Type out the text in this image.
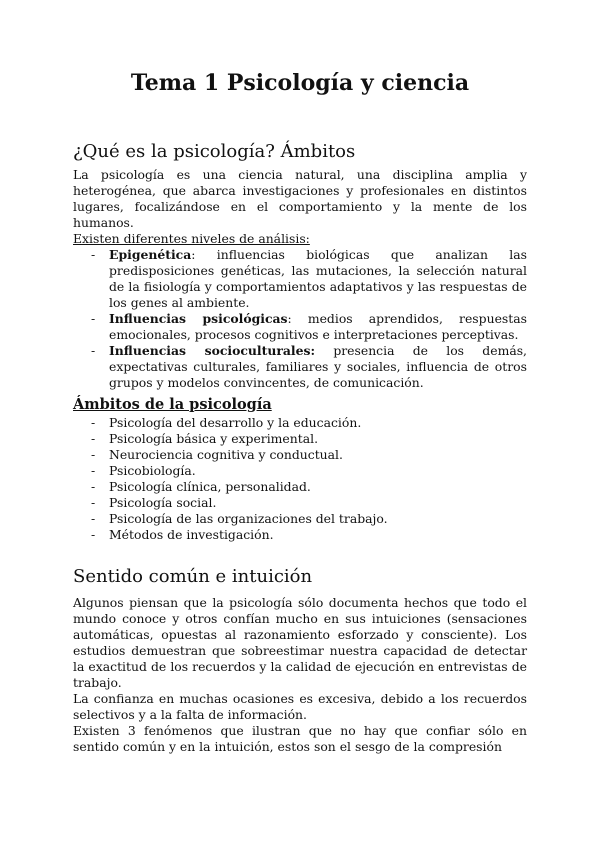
Tema 1 Psicología y ciencia
¿Qué es la psicología? Ámbitos

La psicología es una ciencia natural, una disciplina amplia y heterogénea, que abarca investigaciones y profesionales en distintos lugares, focalizándose en el comportamiento y la mente de los humanos.

Existen diferentes niveles de análisis:

- Epigenética: influencias biológicas que analizan las predisposiciones genéticas, las mutaciones, la selección natural de la fisiología y comportamientos adaptativos y las respuestas de los genes al ambiente.
- Influencias psicológicas: medios aprendidos, respuestas emocionales, procesos cognitivos e interpretaciones perceptivas.
- Influencias socioculturales: presencia de los demás, expectativas culturales, familiares y sociales, influencia de otros grupos y modelos convincentes, de comunicación.
Ámbitos de la psicología
- Psicología del desarrollo y la educación.
- Psicología básica y experimental.
- Neurociencia cognitiva y conductual.
- Psicobiología.
- Psicología clínica, personalidad.
- Psicología social.
- Psicología de las organizaciones del trabajo.
- Métodos de investigación.
Sentido común e intuición

Algunos piensan que la psicología sólo documenta hechos que todo el mundo conoce y otros confían mucho en sus intuiciones (sensaciones automáticas, opuestas al razonamiento esforzado y consciente). Los estudios demuestran que sobreestimar nuestra capacidad de detectar la exactitud de los recuerdos y la calidad de ejecución en entrevistas de trabajo.

La confianza en muchas ocasiones es excesiva, debido a los recuerdos selectivos y a la falta de información.

Existen 3 fenómenos que ilustran que no hay que confiar sólo en sentido común y en la intuición, estos son el sesgo de la compresión
